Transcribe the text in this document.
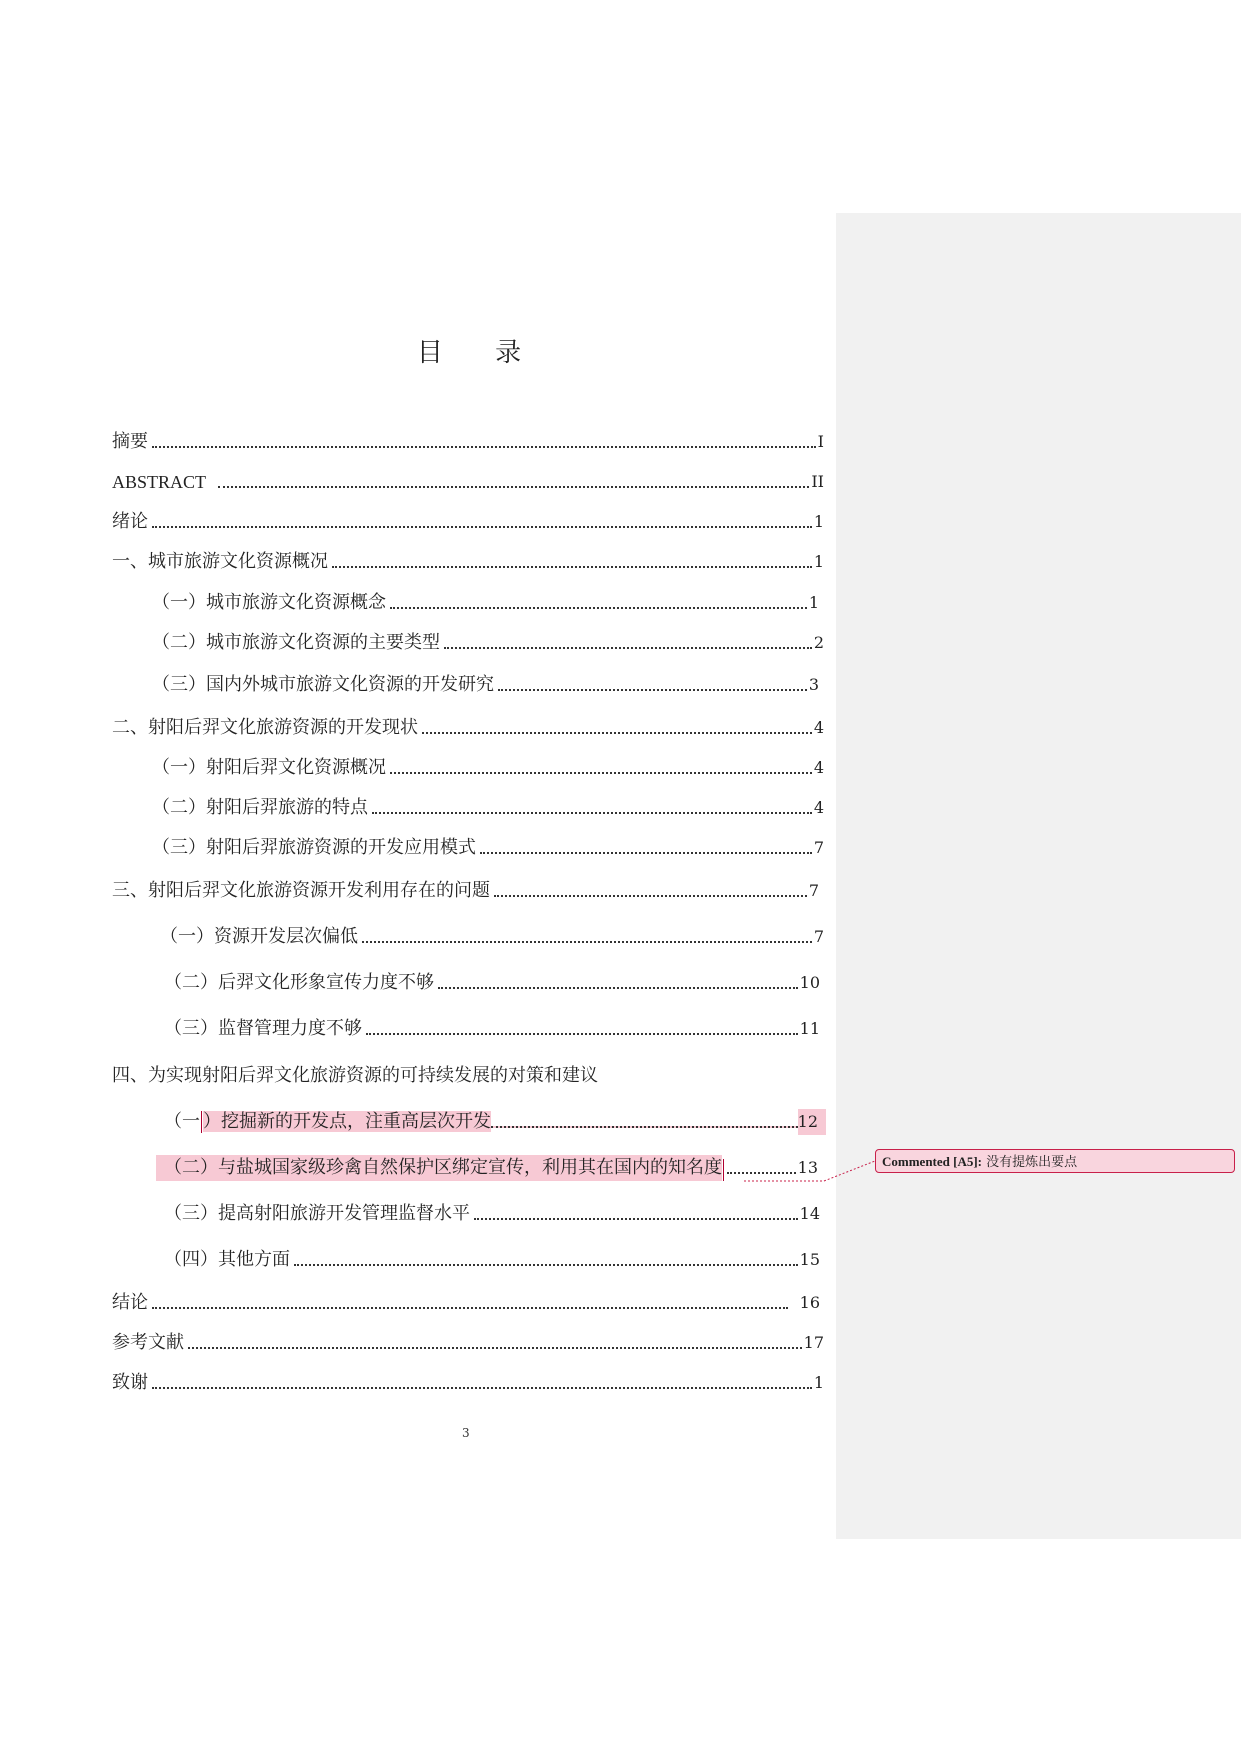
目 录
摘要	I
ABSTRACT	II
绪论	1
一、城市旅游文化资源概况	1
（一）城市旅游文化资源概念	1
（二）城市旅游文化资源的主要类型	2
（三）国内外城市旅游文化资源的开发研究	3
二、射阳后羿文化旅游资源的开发现状	4
（一）射阳后羿文化资源概况	4
（二）射阳后羿旅游的特点	4
（三）射阳后羿旅游资源的开发应用模式	7
三、射阳后羿文化旅游资源开发利用存在的问题	7
（一）资源开发层次偏低	7
（二）后羿文化形象宣传力度不够	10
（三）监督管理力度不够	11
四、为实现射阳后羿文化旅游资源的可持续发展的对策和建议
（一 ）挖掘新的开发点，注重高层次开发	12
（二）与盐城国家级珍禽自然保护区绑定宣传，利用其在国内的知名度	13
（三）提高射阳旅游开发管理监督水平	14
（四）其他方面	15
结论	16
参考文献	17
致谢	1
3
Commented [A5]: 没有提炼出要点
